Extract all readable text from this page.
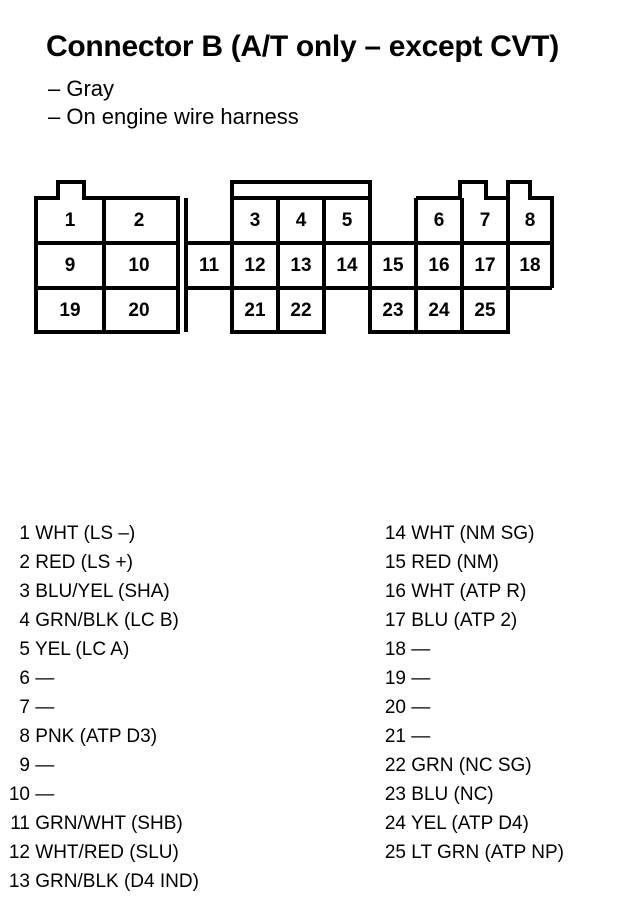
Connector B (A/T only – except CVT)
– Gray
– On engine wire harness
1	2	3	4	5	6	7	8
9	10	11	12	13	14	15	16	17	18
19	20	21	22	23	24	25
1 WHT (LS –)
2 RED (LS +)
3 BLU/YEL (SHA)
4 GRN/BLK (LC B)
5 YEL (LC A)
6 —
7 —
8 PNK (ATP D3)
9 —
10 —
11 GRN/WHT (SHB)
12 WHT/RED (SLU)
13 GRN/BLK (D4 IND)
14 WHT (NM SG)
15 RED (NM)
16 WHT (ATP R)
17 BLU (ATP 2)
18 —
19 —
20 —
21 —
22 GRN (NC SG)
23 BLU (NC)
24 YEL (ATP D4)
25 LT GRN (ATP NP)
